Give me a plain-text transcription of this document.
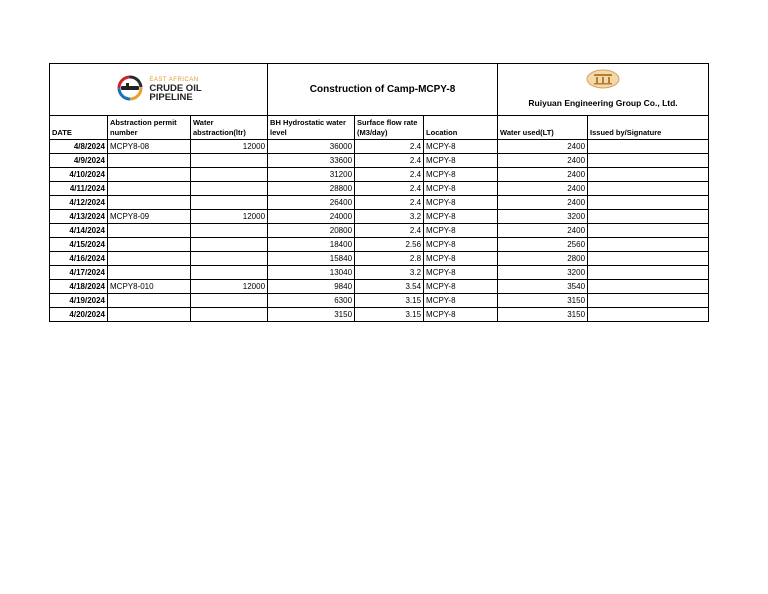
EAST AFRICAN
CRUDE OIL
PIPELINE			Construction of Camp-MCPY-8			Ruiyuan Engineering Group Co., Ltd.	

DATE	Abstraction permit number	Water abstraction(ltr)	BH Hydrostatic water level	Surface flow rate (M3/day)	Location	Water used(LT)	Issued by/Signature
4/8/2024	MCPY8-08	12000	36000	2.4	MCPY-8	2400	
4/9/2024			33600	2.4	MCPY-8	2400	
4/10/2024			31200	2.4	MCPY-8	2400	
4/11/2024			28800	2.4	MCPY-8	2400	
4/12/2024			26400	2.4	MCPY-8	2400	
4/13/2024	MCPY8-09	12000	24000	3.2	MCPY-8	3200	
4/14/2024			20800	2.4	MCPY-8	2400	
4/15/2024			18400	2.56	MCPY-8	2560	
4/16/2024			15840	2.8	MCPY-8	2800	
4/17/2024			13040	3.2	MCPY-8	3200	
4/18/2024	MCPY8-010	12000	9840	3.54	MCPY-8	3540	
4/19/2024			6300	3.15	MCPY-8	3150	
4/20/2024			3150	3.15	MCPY-8	3150	
